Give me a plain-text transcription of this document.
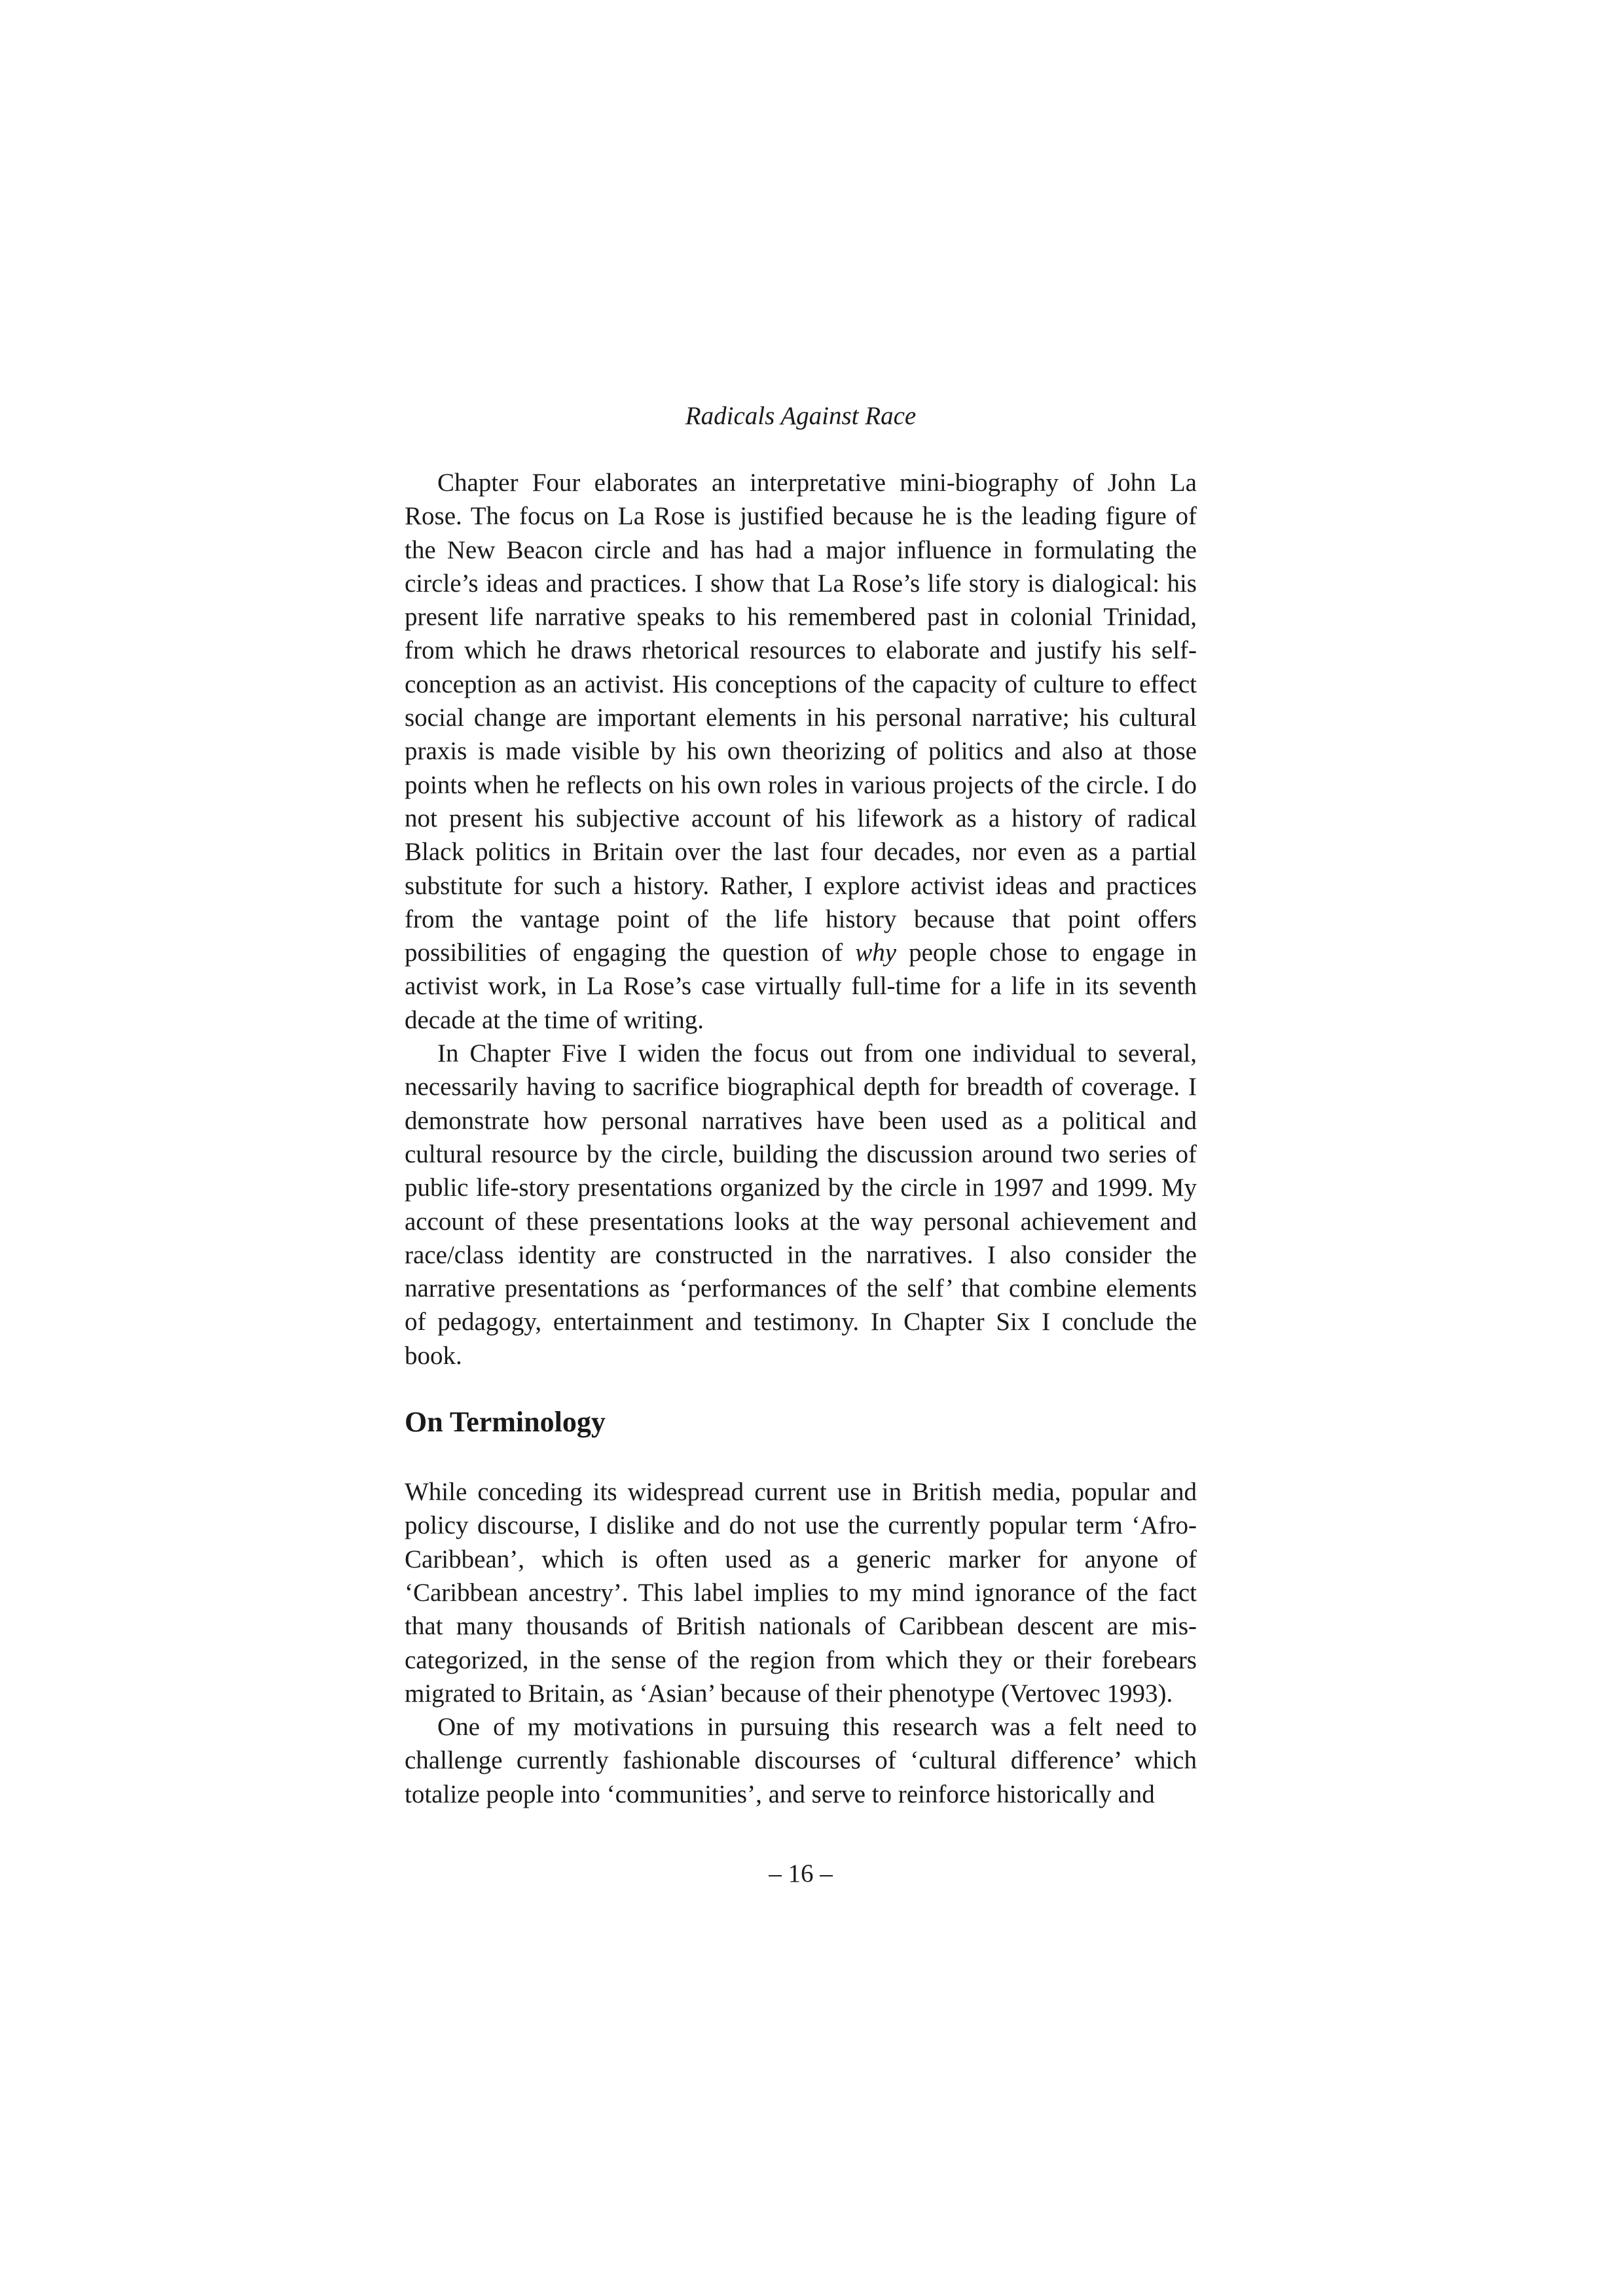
Radicals Against Race

Chapter Four elaborates an interpretative mini-biography of John La Rose. The focus on La Rose is justified because he is the leading figure of the New Beacon circle and has had a major influence in formulating the circle’s ideas and practices. I show that La Rose’s life story is dialogical: his present life narrative speaks to his remembered past in colonial Trinidad, from which he draws rhetorical resources to elaborate and justify his self- conception as an activist. His conceptions of the capacity of culture to effect social change are important elements in his personal narrative; his cultural praxis is made visible by his own theorizing of politics and also at those points when he reflects on his own roles in various projects of the circle. I do not present his subjective account of his lifework as a history of radical Black politics in Britain over the last four decades, nor even as a partial substitute for such a history. Rather, I explore activist ideas and practices from the vantage point of the life history because that point offers possibilities of engaging the question of why people chose to engage in activist work, in La Rose’s case virtually full-time for a life in its seventh decade at the time of writing.

In Chapter Five I widen the focus out from one individual to several, necessarily having to sacrifice biographical depth for breadth of coverage. I demonstrate how personal narratives have been used as a political and cultural resource by the circle, building the discussion around two series of public life-story presentations organized by the circle in 1997 and 1999. My account of these presentations looks at the way personal achievement and race/class identity are constructed in the narratives. I also consider the narrative presentations as ‘performances of the self’ that combine elements of pedagogy, entertainment and testimony. In Chapter Six I conclude the book.

On Terminology

While conceding its widespread current use in British media, popular and policy discourse, I dislike and do not use the currently popular term ‘Afro-Caribbean’, which is often used as a generic marker for anyone of ‘Caribbean ancestry’. This label implies to my mind ignorance of the fact that many thousands of British nationals of Caribbean descent are mis-categorized, in the sense of the region from which they or their forebears migrated to Britain, as ‘Asian’ because of their phenotype (Vertovec 1993).

One of my motivations in pursuing this research was a felt need to challenge currently fashionable discourses of ‘cultural difference’ which totalize people into ‘communities’, and serve to reinforce historically and

– 16 –
